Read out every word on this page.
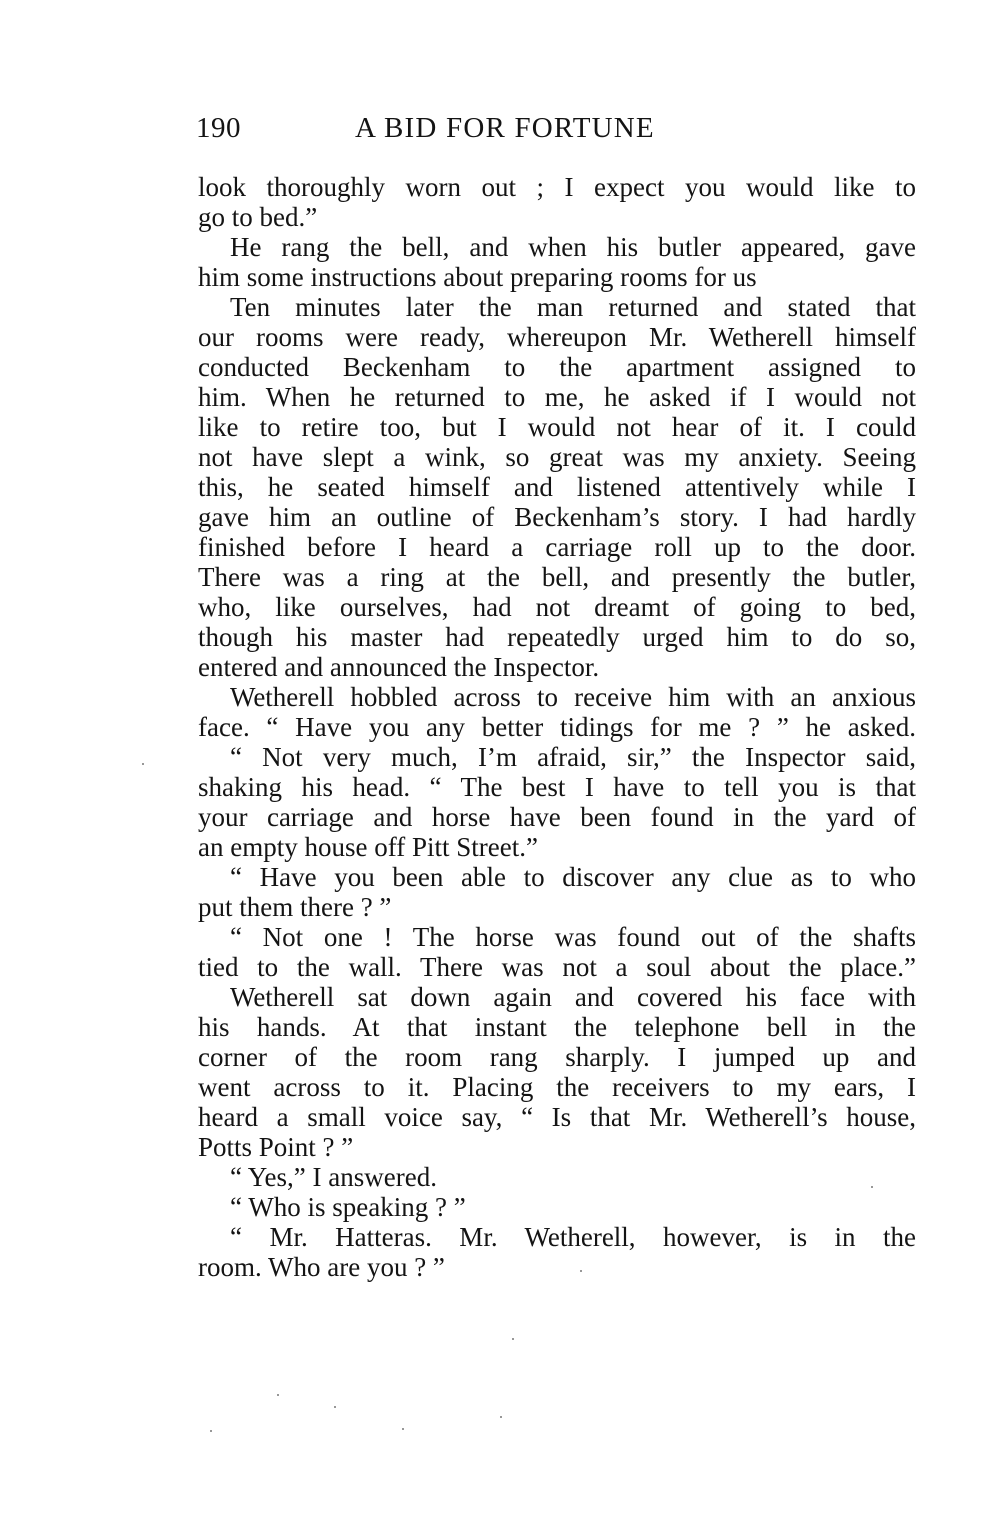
190	A BID FOR FORTUNE
look thoroughly worn out ; I expect you would like to
go to bed.”
He rang the bell, and when his butler appeared, gave
him some instructions about preparing rooms for us
Ten minutes later the man returned and stated that
our rooms were ready, whereupon Mr. Wetherell himself
conducted Beckenham to the apartment assigned to
him. When he returned to me, he asked if I would not
like to retire too, but I would not hear of it. I could
not have slept a wink, so great was my anxiety. Seeing
this, he seated himself and listened attentively while I
gave him an outline of Beckenham’s story. I had hardly
finished before I heard a carriage roll up to the door.
There was a ring at the bell, and presently the butler,
who, like ourselves, had not dreamt of going to bed,
though his master had repeatedly urged him to do so,
entered and announced the Inspector.
Wetherell hobbled across to receive him with an anxious
face. “ Have you any better tidings for me ? ” he asked.
“ Not very much, I’m afraid, sir,” the Inspector said,
shaking his head. “ The best I have to tell you is that
your carriage and horse have been found in the yard of
an empty house off Pitt Street.”
“ Have you been able to discover any clue as to who
put them there ? ”
“ Not one ! The horse was found out of the shafts
tied to the wall. There was not a soul about the place.”
Wetherell sat down again and covered his face with
his hands. At that instant the telephone bell in the
corner of the room rang sharply. I jumped up and
went across to it. Placing the receivers to my ears, I
heard a small voice say, “ Is that Mr. Wetherell’s house,
Potts Point ? ”
“ Yes,” I answered.
“ Who is speaking ? ”
“ Mr. Hatteras. Mr. Wetherell, however, is in the
room. Who are you ? ”
